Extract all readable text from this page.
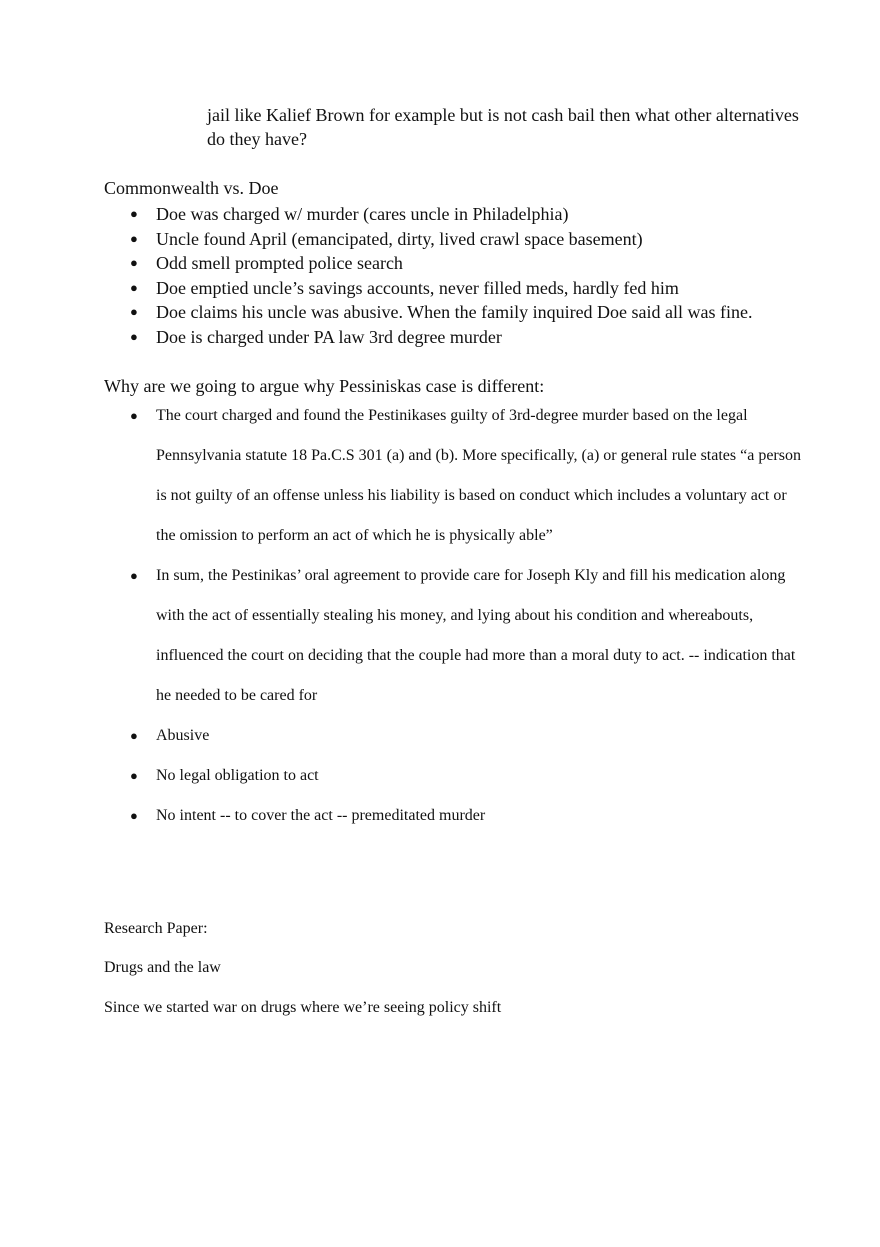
jail like Kalief Brown for example but is not cash bail then what other alternatives do they have?

Commonwealth vs. Doe

● Doe was charged w/ murder (cares uncle in Philadelphia)
● Uncle found April (emancipated, dirty, lived crawl space basement)
● Odd smell prompted police search
● Doe emptied uncle’s savings accounts, never filled meds, hardly fed him
● Doe claims his uncle was abusive. When the family inquired Doe said all was fine.
● Doe is charged under PA law 3rd degree murder

Why are we going to argue why Pessiniskas case is different:

● The court charged and found the Pestinikases guilty of 3rd-degree murder based on the legal Pennsylvania statute 18 Pa.C.S 301 (a) and (b). More specifically, (a) or general rule states “a person is not guilty of an offense unless his liability is based on conduct which includes a voluntary act or the omission to perform an act of which he is physically able”
● In sum, the Pestinikas’ oral agreement to provide care for Joseph Kly and fill his medication along with the act of essentially stealing his money, and lying about his condition and whereabouts, influenced the court on deciding that the couple had more than a moral duty to act. -- indication that he needed to be cared for
● Abusive
● No legal obligation to act
● No intent -- to cover the act -- premeditated murder
Research Paper:
Drugs and the law
Since we started war on drugs where we’re seeing policy shift
